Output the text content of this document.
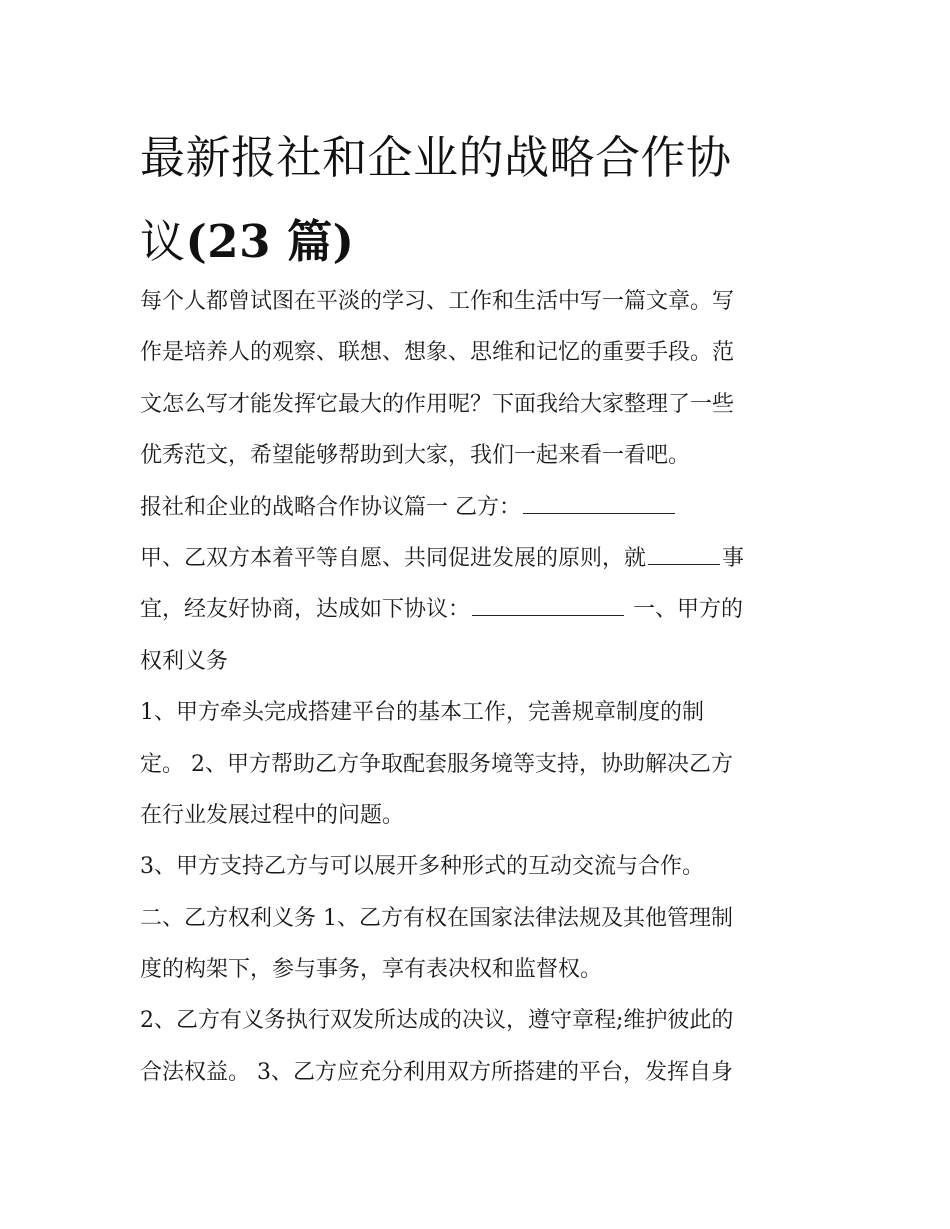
最新报社和企业的战略合作协
议(23 篇)
每个人都曾试图在平淡的学习、工作和生活中写一篇文章。写
作是培养人的观察、联想、想象、思维和记忆的重要手段。范
文怎么写才能发挥它最大的作用呢？下面我给大家整理了一些
优秀范文，希望能够帮助到大家，我们一起来看一看吧。
报社和企业的战略合作协议篇一 乙方：
甲、乙双方本着平等自愿、共同促进发展的原则，就	事
宜，经友好协商，达成如下协议：	一、甲方的
权利义务
1、甲方牵头完成搭建平台的基本工作，完善规章制度的制
定。 2、甲方帮助乙方争取配套服务境等支持，协助解决乙方
在行业发展过程中的问题。
3、甲方支持乙方与可以展开多种形式的互动交流与合作。
二、乙方权利义务 1、乙方有权在国家法律法规及其他管理制
度的构架下，参与事务，享有表决权和监督权。
2、乙方有义务执行双发所达成的决议，遵守章程;维护彼此的
合法权益。 3、乙方应充分利用双方所搭建的平台，发挥自身
